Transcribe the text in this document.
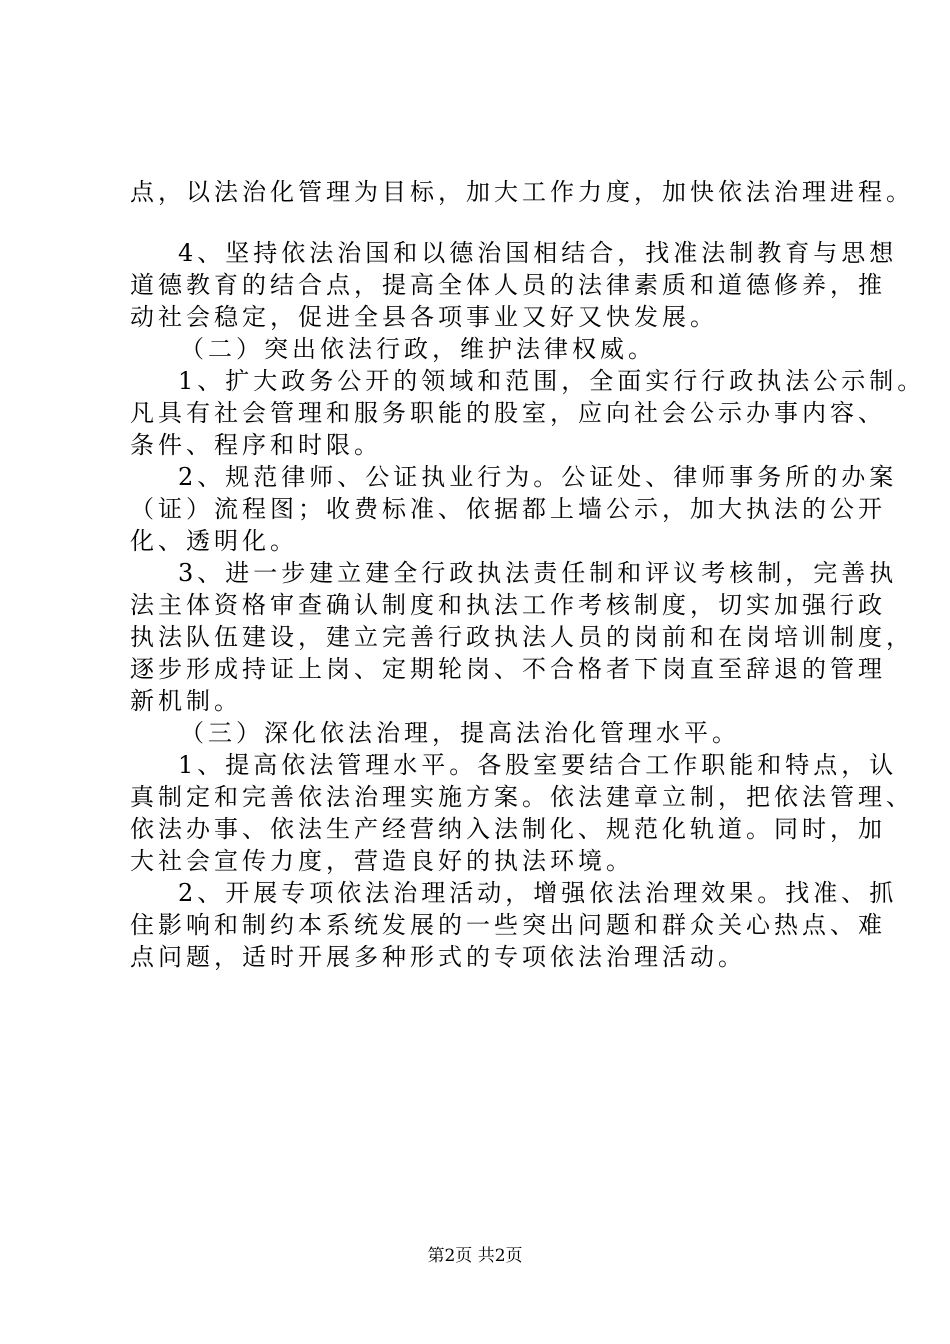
点，以法治化管理为目标，加大工作力度，加快依法治理进程。
4、坚持依法治国和以德治国相结合，找准法制教育与思想
道德教育的结合点，提高全体人员的法律素质和道德修养，推
动社会稳定，促进全县各项事业又好又快发展。
（二）突出依法行政，维护法律权威。
1、扩大政务公开的领域和范围，全面实行行政执法公示制。
凡具有社会管理和服务职能的股室，应向社会公示办事内容、
条件、程序和时限。
2、规范律师、公证执业行为。公证处、律师事务所的办案
（证）流程图；收费标准、依据都上墙公示，加大执法的公开
化、透明化。
3、进一步建立建全行政执法责任制和评议考核制，完善执
法主体资格审查确认制度和执法工作考核制度，切实加强行政
执法队伍建设，建立完善行政执法人员的岗前和在岗培训制度，
逐步形成持证上岗、定期轮岗、不合格者下岗直至辞退的管理
新机制。
（三）深化依法治理，提高法治化管理水平。
1、提高依法管理水平。各股室要结合工作职能和特点，认
真制定和完善依法治理实施方案。依法建章立制，把依法管理、
依法办事、依法生产经营纳入法制化、规范化轨道。同时，加
大社会宣传力度，营造良好的执法环境。
2、开展专项依法治理活动，增强依法治理效果。找准、抓
住影响和制约本系统发展的一些突出问题和群众关心热点、难
点问题，适时开展多种形式的专项依法治理活动。
第2页 共2页
